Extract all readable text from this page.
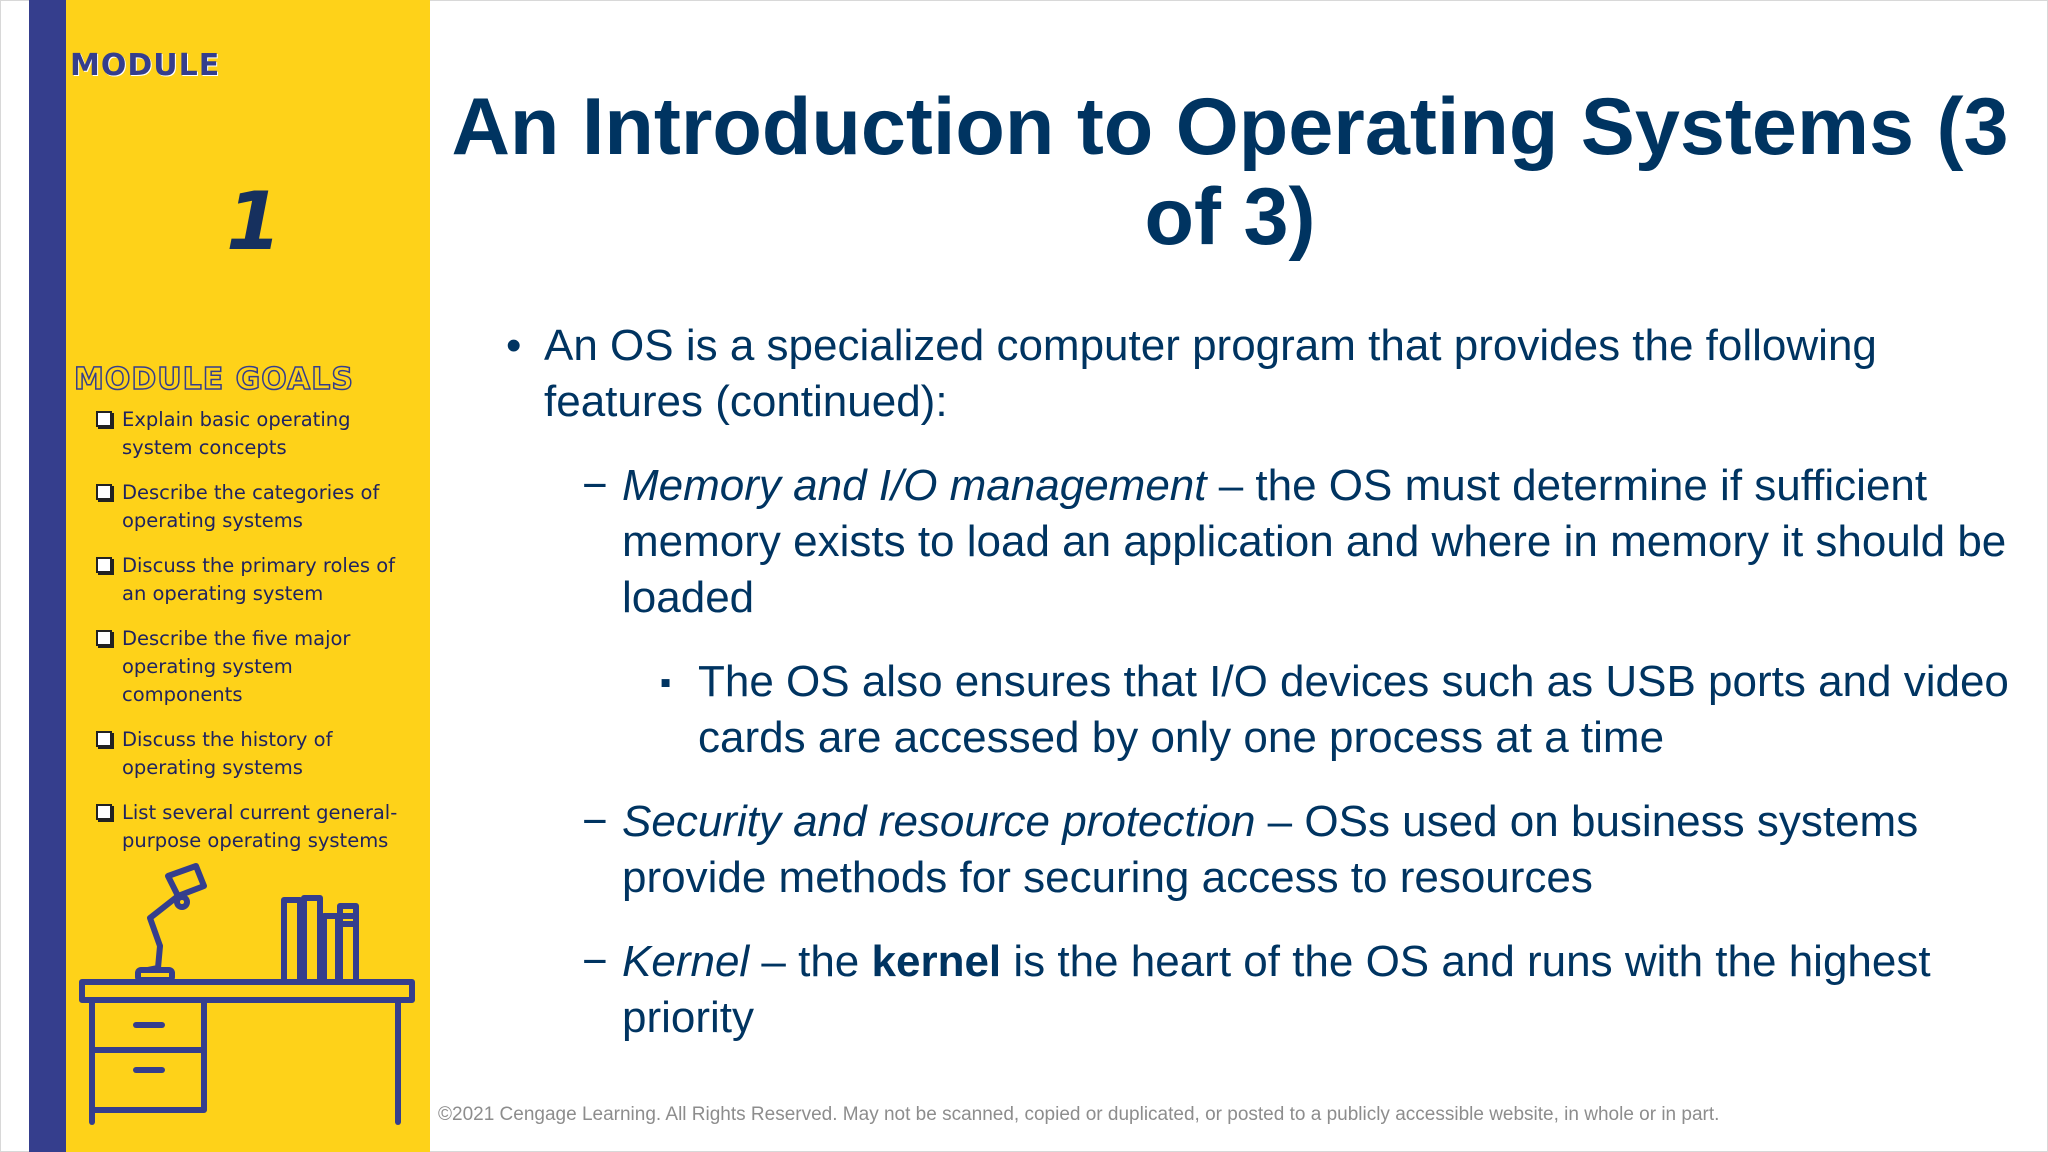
MODULE
1
MODULE GOALS
Explain basic operating system concepts
Describe the categories of operating systems
Discuss the primary roles of an operating system
Describe the five major operating system components
Discuss the history of operating systems
List several current general-purpose operating systems
An Introduction to Operating Systems (3 of 3)
• An OS is a specialized computer program that provides the following features (continued):
− Memory and I/O management – the OS must determine if sufficient memory exists to load an application and where in memory it should be loaded
▪ The OS also ensures that I/O devices such as USB ports and video cards are accessed by only one process at a time
− Security and resource protection – OSs used on business systems provide methods for securing access to resources
− Kernel – the kernel is the heart of the OS and runs with the highest priority
©2021 Cengage Learning. All Rights Reserved. May not be scanned, copied or duplicated, or posted to a publicly accessible website, in whole or in part.
